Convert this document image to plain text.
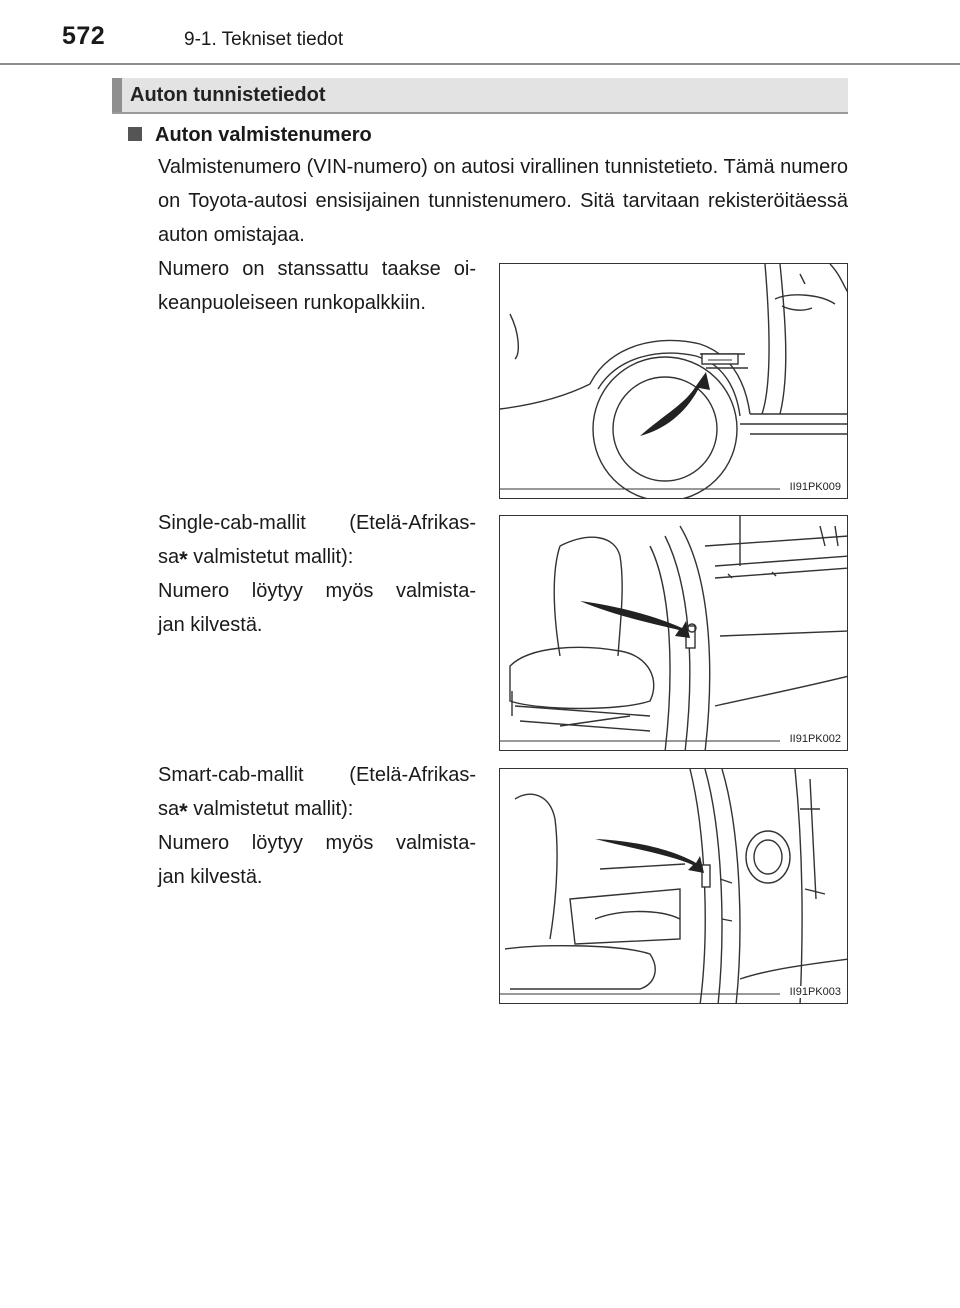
572	9-1. Tekniset tiedot
Auton tunnistetiedot
Auton valmistenumero
Valmistenumero (VIN-numero) on autosi virallinen tunnistetieto. Tämä numero on Toyota-autosi ensisijainen tunnistenumero. Sitä tarvitaan rekisteröitäessä auton omistajaa.
Numero on stanssattu taakse oi-
keanpuoleiseen runkopalkkiin.
II91PK009
Single-cab-mallit (Etelä-Afrikas-
sa* valmistetut mallit):
Numero löytyy myös valmista-
jan kilvestä.
II91PK002
Smart-cab-mallit (Etelä-Afrikas-
sa* valmistetut mallit):
Numero löytyy myös valmista-
jan kilvestä.
II91PK003
